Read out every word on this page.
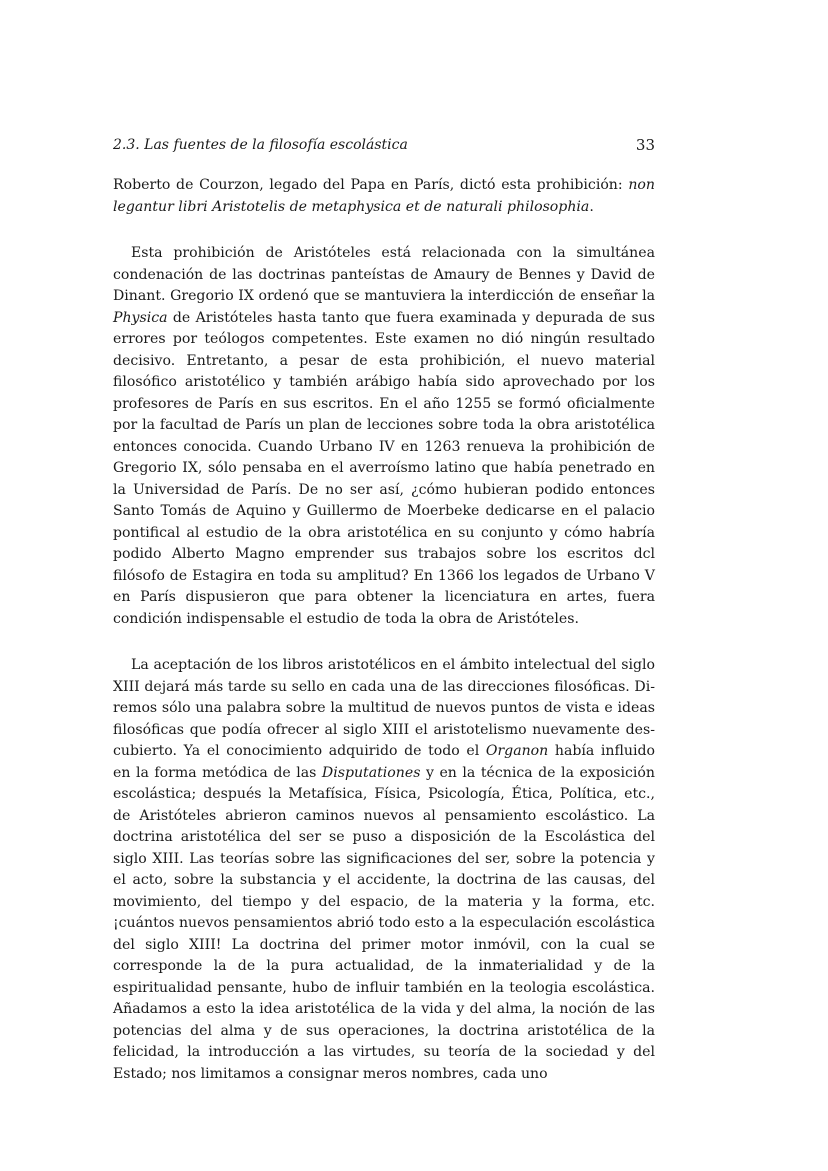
2.3. Las fuentes de la filosofía escolástica	33

Roberto de Courzon, legado del Papa en París, dictó esta prohibición: non legantur libri Aristotelis de metaphysica et de naturali philosophia.

Esta prohibición de Aristóteles está relacionada con la simultánea condenación de las doctrinas panteístas de Amaury de Bennes y David de Dinant. Gregorio IX ordenó que se mantuviera la interdicción de enseñar la Physica de Aristóteles hasta tanto que fuera examinada y depurada de sus errores por teólogos competentes. Este examen no dió ningún resultado decisivo. Entretanto, a pesar de esta prohibición, el nuevo material filosófico aristotélico y también arábigo había sido aprovechado por los profesores de París en sus escritos. En el año 1255 se formó oficialmente por la facultad de París un plan de lecciones sobre toda la obra aristotélica entonces conocida. Cuando Urbano IV en 1263 renueva la prohibición de Gregorio IX, sólo pensaba en el averroísmo latino que había penetrado en la Universidad de París. De no ser así, ¿cómo hubieran podido entonces Santo Tomás de Aquino y Guillermo de Moerbeke dedicarse en el palacio pontifical al estudio de la obra aristotélica en su conjunto y cómo habría podido Alberto Magno emprender sus trabajos sobre los escritos dcl filósofo de Estagira en toda su amplitud? En 1366 los legados de Urbano V en París dispusieron que para obtener la licenciatura en artes, fuera condición indispensable el estudio de toda la obra de Aristóteles.

La aceptación de los libros aristotélicos en el ámbito intelectual del siglo XIII dejará más tarde su sello en cada una de las direcciones filosóficas. Diremos sólo una palabra sobre la multitud de nuevos puntos de vista e ideas filosóficas que podía ofrecer al siglo XIII el aristotelismo nuevamente descubierto. Ya el conocimiento adquirido de todo el Organon había influido en la forma metódica de las Disputationes y en la técnica de la exposición escolástica; después la Metafísica, Física, Psicología, Ética, Política, etc., de Aristóteles abrieron caminos nuevos al pensamiento escolástico. La doctrina aristotélica del ser se puso a disposición de la Escolástica del siglo XIII. Las teorías sobre las significaciones del ser, sobre la potencia y el acto, sobre la substancia y el accidente, la doctrina de las causas, del movimiento, del tiempo y del espacio, de la materia y la forma, etc. ¡cuántos nuevos pensamientos abrió todo esto a la especulación escolástica del siglo XIII! La doctrina del primer motor inmóvil, con la cual se corresponde la de la pura actualidad, de la inmaterialidad y de la espiritualidad pensante, hubo de influir también en la teologia escolástica. Añadamos a esto la idea aristotélica de la vida y del alma, la noción de las potencias del alma y de sus operaciones, la doctrina aristotélica de la felicidad, la introducción a las virtudes, su teoría de la sociedad y del Estado; nos limitamos a consignar meros nombres, cada uno
